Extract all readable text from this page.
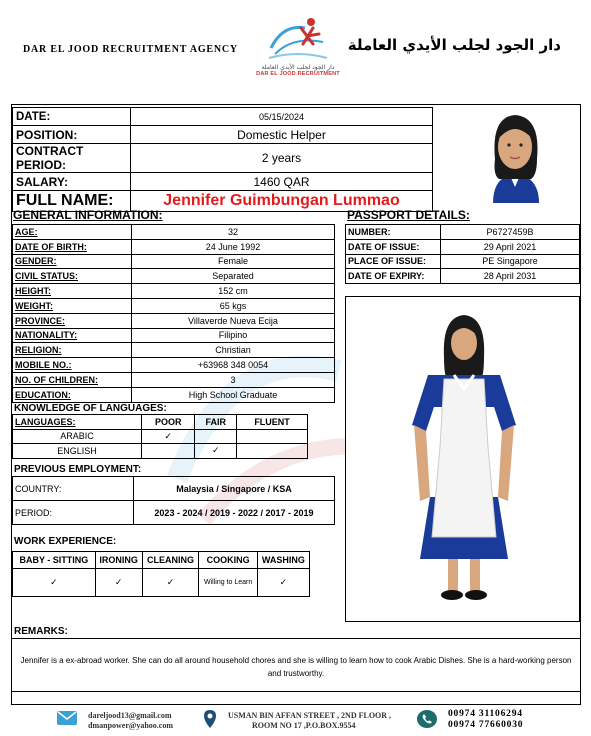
DAR EL JOOD RECRUITMENT AGENCY
دار الجود لجلب الأيدي العاملة
DAR EL JOOD RECRUITMENT
دار الجود لجلب الأيدي العاملة
DATE:	05/15/2024
POSITION:	Domestic Helper
CONTRACT PERIOD:	2 years
SALARY:	1460 QAR
FULL NAME:	Jennifer Guimbungan Lummao
GENERAL INFORMATION:
AGE:	32
DATE OF BIRTH:	24 June 1992
GENDER:	Female
CIVIL STATUS:	Separated
HEIGHT:	152 cm
WEIGHT:	65 kgs
PROVINCE:	Villaverde Nueva Ecija
NATIONALITY:	Filipino
RELIGION:	Christian
MOBILE NO.:	+63968 348 0054
NO. OF CHILDREN:	3
EDUCATION:	High School Graduate
PASSPORT DETAILS:
NUMBER:	P6727459B
DATE OF ISSUE:	29 April 2021
PLACE OF ISSUE:	PE Singapore
DATE OF EXPIRY:	28 April 2031
KNOWLEDGE OF LANGUAGES:
LANGUAGES:	POOR	FAIR	FLUENT
ARABIC	✓		
ENGLISH		✓	
PREVIOUS EMPLOYMENT:
COUNTRY:	Malaysia / Singapore / KSA
PERIOD:	2023 - 2024 / 2019 - 2022 / 2017 - 2019
WORK EXPERIENCE:
BABY - SITTING	IRONING	CLEANING	COOKING	WASHING
✓	✓	✓	Willing to Learn	✓
REMARKS:
Jennifer is a ex-abroad worker. She can do all around household chores and she is willing to learn how to cook Arabic Dishes. She is a hard-working person and trustworthy.
dareljood13@gmail.com
dmanpower@yahoo.com
USMAN BIN AFFAN STREET , 2ND FLOOR ,
ROOM NO 17 ,P.O.BOX.9554
00974 31106294
00974 77660030
